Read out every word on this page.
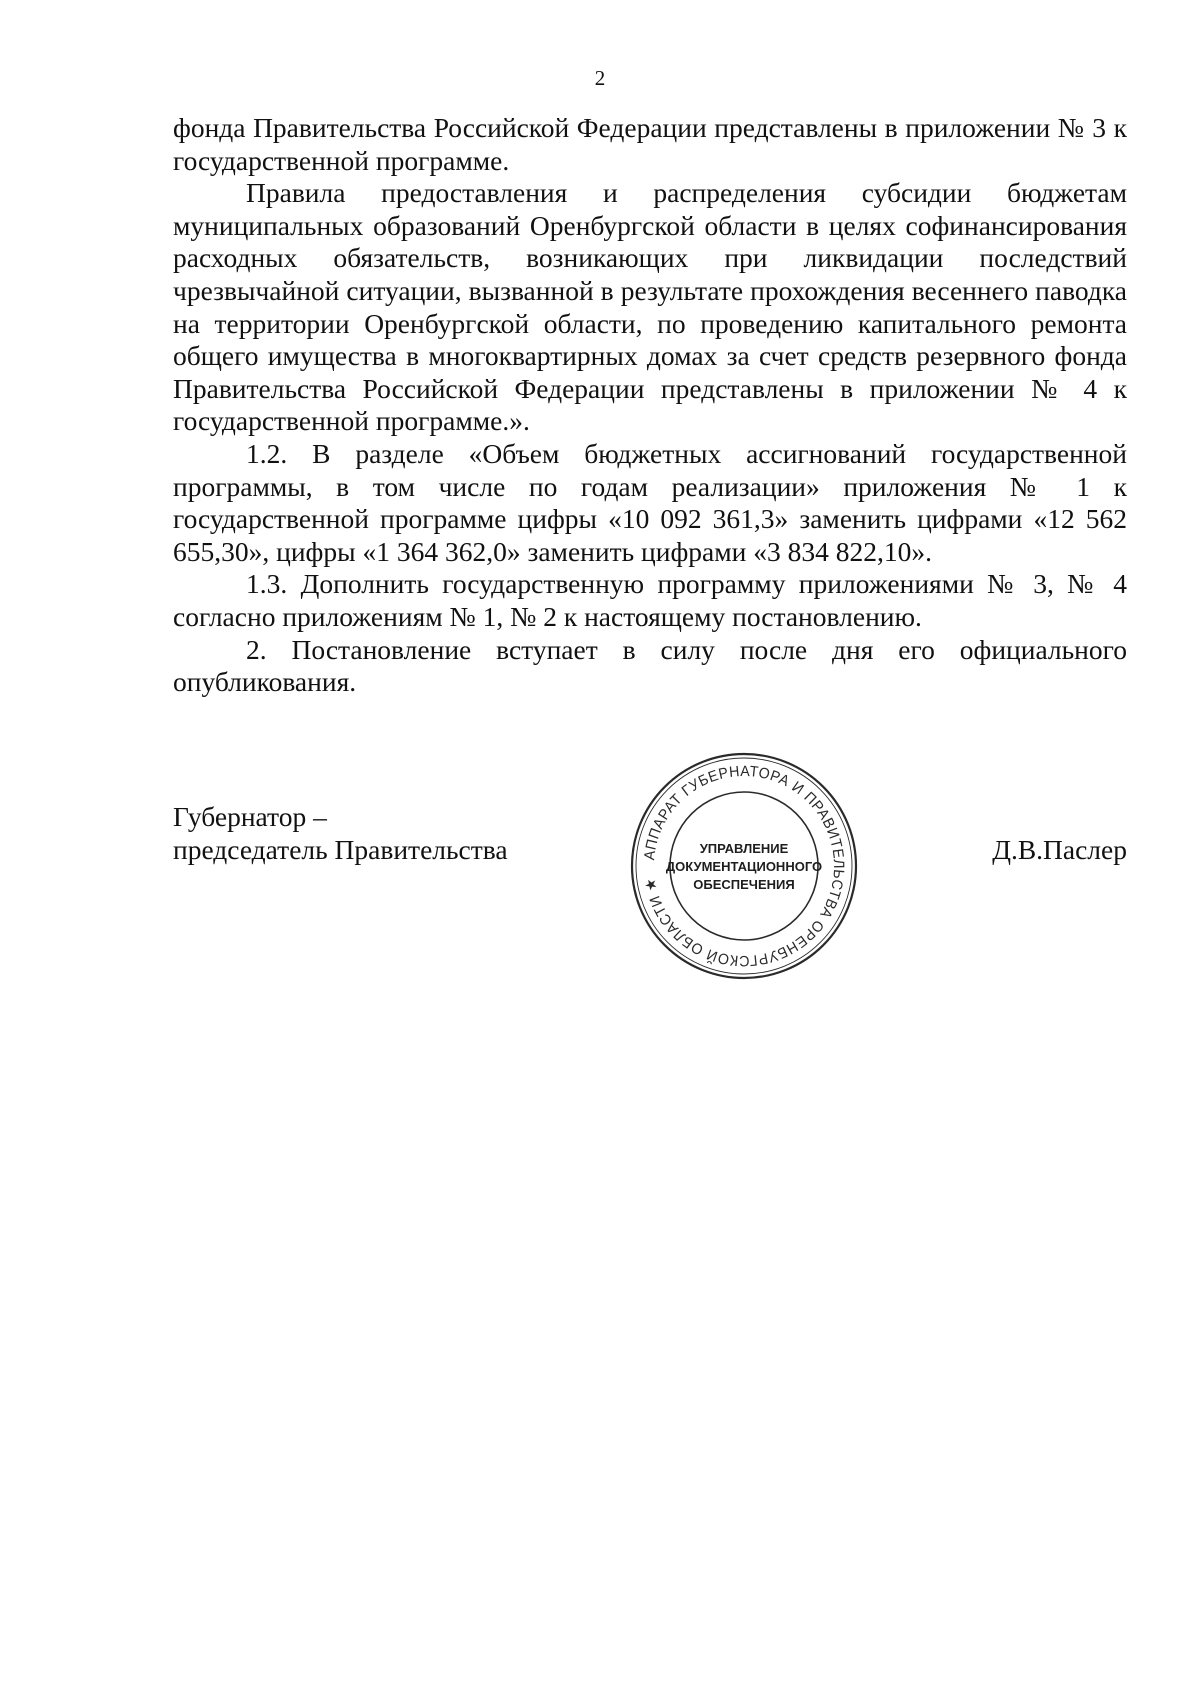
2

фонда Правительства Российской Федерации представлены в приложении № 3 к государственной программе.

Правила предоставления и распределения субсидии бюджетам муниципальных образований Оренбургской области в целях софинансирования расходных обязательств, возникающих при ликвидации последствий чрезвычайной ситуации, вызванной в результате прохождения весеннего паводка на территории Оренбургской области, по проведению капитального ремонта общего имущества в многоквартирных домах за счет средств резервного фонда Правительства Российской Федерации представлены в приложении № 4 к государственной программе.».

1.2. В разделе «Объем бюджетных ассигнований государственной программы, в том числе по годам реализации» приложения № 1 к государственной программе цифры «10 092 361,3» заменить цифрами «12 562 655,30», цифры «1 364 362,0» заменить цифрами «3 834 822,10».

1.3. Дополнить государственную программу приложениями № 3, № 4 согласно приложениям № 1, № 2 к настоящему постановлению.

2. Постановление вступает в силу после дня его официального опубликования.

Губернатор –
председатель Правительства	Д.В.Паслер
АППАРАТ ГУБЕРНАТОРА И ПРАВИТЕЛЬСТВА ОРЕНБУРГСКОЙ ОБЛАСТИ ★
УПРАВЛЕНИЕ
ДОКУМЕНТАЦИОННОГО
ОБЕСПЕЧЕНИЯ
